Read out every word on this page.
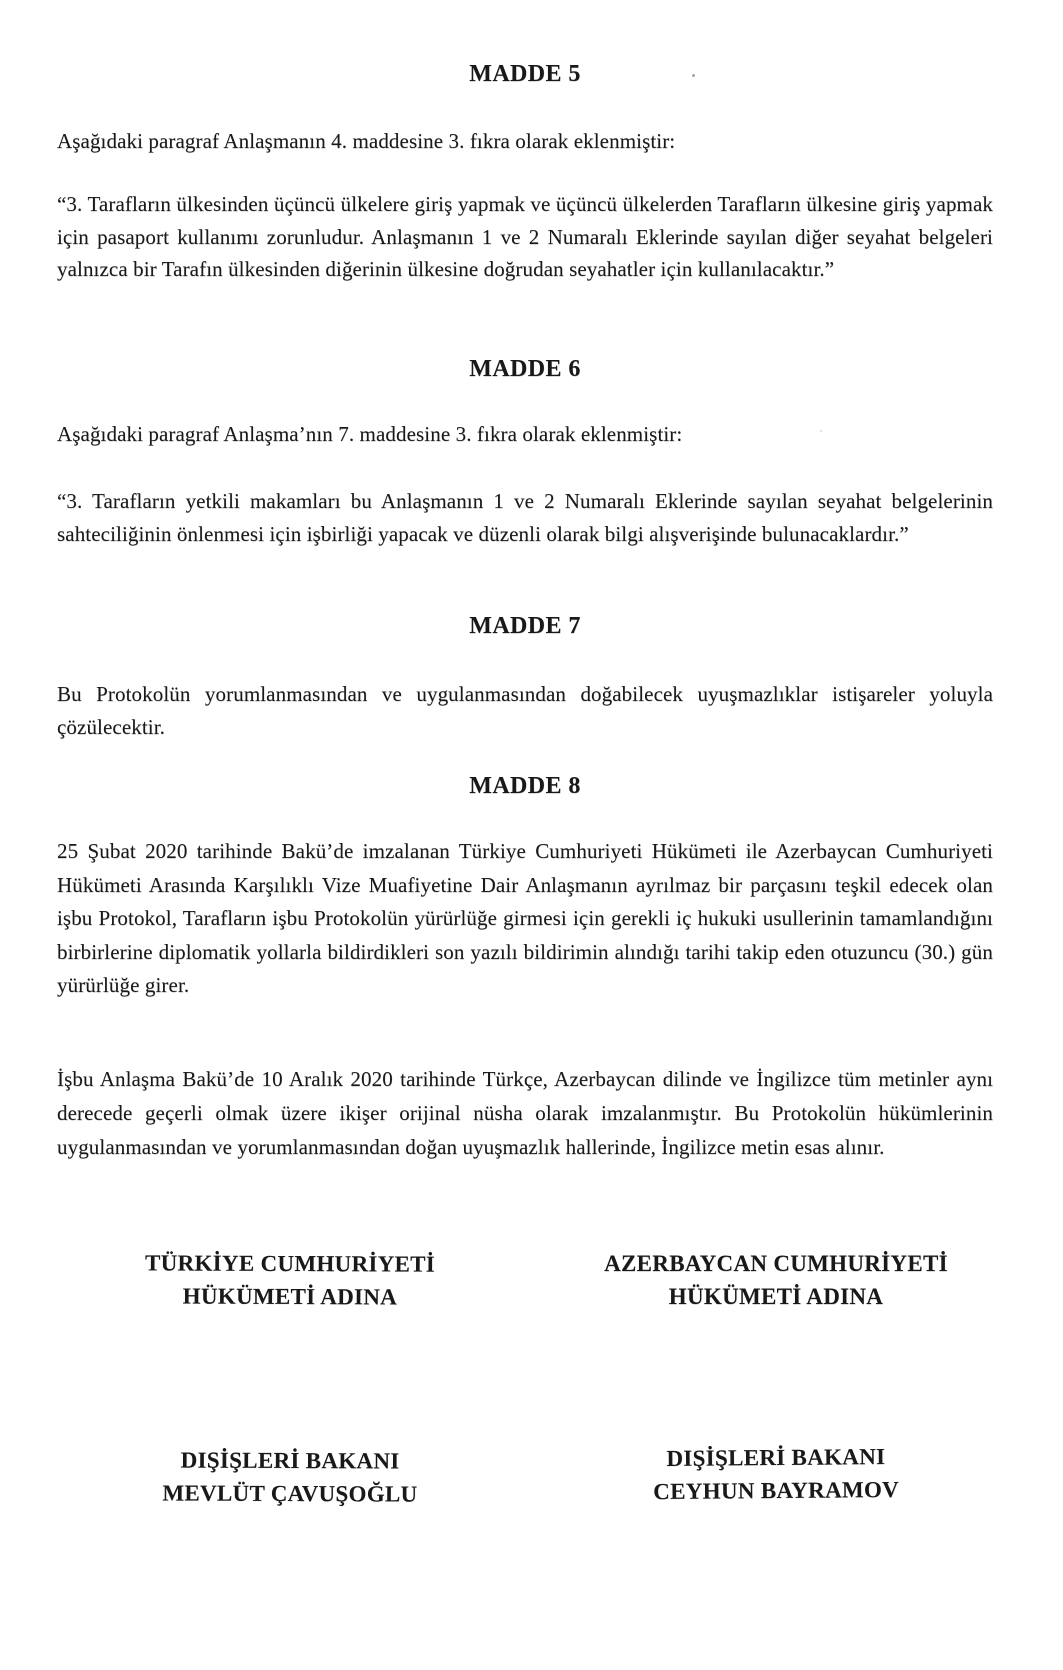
MADDE 5

Aşağıdaki paragraf Anlaşmanın 4. maddesine 3. fıkra olarak eklenmiştir:

“3. Tarafların ülkesinden üçüncü ülkelere giriş yapmak ve üçüncü ülkelerden Tarafların ülkesine giriş yapmak için pasaport kullanımı zorunludur. Anlaşmanın 1 ve 2 Numaralı Eklerinde sayılan diğer seyahat belgeleri yalnızca bir Tarafın ülkesinden diğerinin ülkesine doğrudan seyahatler için kullanılacaktır.”

MADDE 6

Aşağıdaki paragraf Anlaşma’nın 7. maddesine 3. fıkra olarak eklenmiştir:

“3. Tarafların yetkili makamları bu Anlaşmanın 1 ve 2 Numaralı Eklerinde sayılan seyahat belgelerinin sahteciliğinin önlenmesi için işbirliği yapacak ve düzenli olarak bilgi alışverişinde bulunacaklardır.”

MADDE 7

Bu Protokolün yorumlanmasından ve uygulanmasından doğabilecek uyuşmazlıklar istişareler yoluyla çözülecektir.

MADDE 8

25 Şubat 2020 tarihinde Bakü’de imzalanan Türkiye Cumhuriyeti Hükümeti ile Azerbaycan Cumhuriyeti Hükümeti Arasında Karşılıklı Vize Muafiyetine Dair Anlaşmanın ayrılmaz bir parçasını teşkil edecek olan işbu Protokol, Tarafların işbu Protokolün yürürlüğe girmesi için gerekli iç hukuki usullerinin tamamlandığını birbirlerine diplomatik yollarla bildirdikleri son yazılı bildirimin alındığı tarihi takip eden otuzuncu (30.) gün yürürlüğe girer.

İşbu Anlaşma Bakü’de 10 Aralık 2020 tarihinde Türkçe, Azerbaycan dilinde ve İngilizce tüm metinler aynı derecede geçerli olmak üzere ikişer orijinal nüsha olarak imzalanmıştır. Bu Protokolün hükümlerinin uygulanmasından ve yorumlanmasından doğan uyuşmazlık hallerinde, İngilizce metin esas alınır.

TÜRKİYE CUMHURİYETİ
HÜKÜMETİ ADINA
AZERBAYCAN CUMHURİYETİ
HÜKÜMETİ ADINA
DIŞİŞLERİ BAKANI
MEVLÜT ÇAVUŞOĞLU
DIŞİŞLERİ BAKANI
CEYHUN BAYRAMOV
